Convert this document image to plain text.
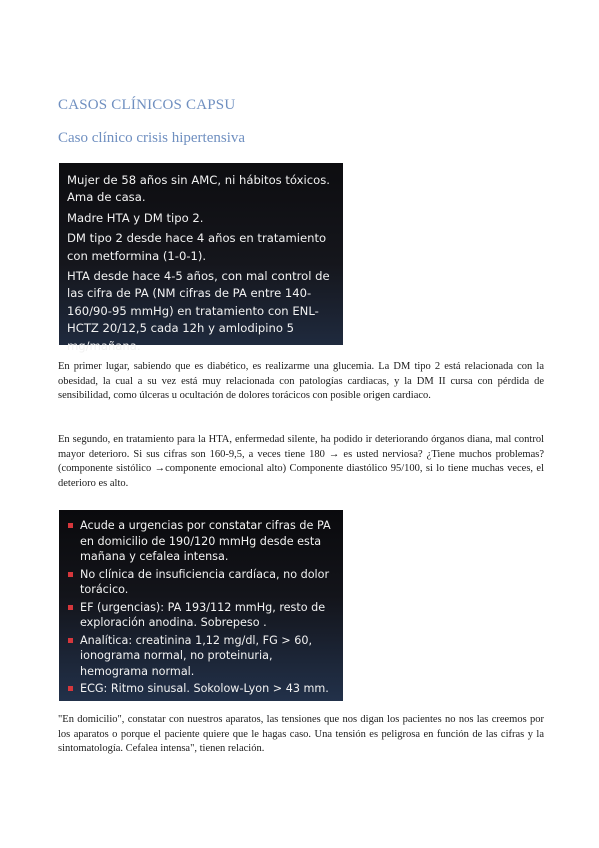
CASOS CLÍNICOS CAPSU
Caso clínico crisis hipertensiva
Mujer de 58 años sin AMC, ni hábitos tóxicos. Ama de casa.
Madre HTA y DM tipo 2.
DM tipo 2 desde hace 4 años en tratamiento con metformina (1-0-1).
HTA desde hace 4-5 años, con mal control de las cifra de PA (NM cifras de PA entre 140-160/90-95 mmHg) en tratamiento con ENL-HCTZ 20/12,5 cada 12h y amlodipino 5 mg/mañana.
En primer lugar, sabiendo que es diabético, es realizarme una glucemia. La DM tipo 2 está relacionada con la obesidad, la cual a su vez está muy relacionada con patologías cardiacas, y la DM II cursa con pérdida de sensibilidad, como úlceras u ocultación de dolores torácicos con posible origen cardiaco.
En segundo, en tratamiento para la HTA, enfermedad silente, ha podido ir deteriorando órganos diana, mal control mayor deterioro. Si sus cifras son 160-9,5, a veces tiene 180 → es usted nerviosa? ¿Tiene muchos problemas? (componente sistólico →componente emocional alto) Componente diastólico 95/100, si lo tiene muchas veces, el deterioro es alto.
Acude a urgencias por constatar cifras de PA en domicilio de 190/120 mmHg desde esta mañana y cefalea intensa.
No clínica de insuficiencia cardíaca, no dolor torácico.
EF (urgencias): PA 193/112 mmHg, resto de exploración anodina. Sobrepeso .
Analítica: creatinina 1,12 mg/dl, FG > 60, ionograma normal, no proteinuria, hemograma normal.
ECG: Ritmo sinusal. Sokolow-Lyon > 43 mm.
"En domicilio", constatar con nuestros aparatos, las tensiones que nos digan los pacientes no nos las creemos por los aparatos o porque el paciente quiere que le hagas caso. Una tensión es peligrosa en función de las cifras y la sintomatología. Cefalea intensa", tienen relación.
